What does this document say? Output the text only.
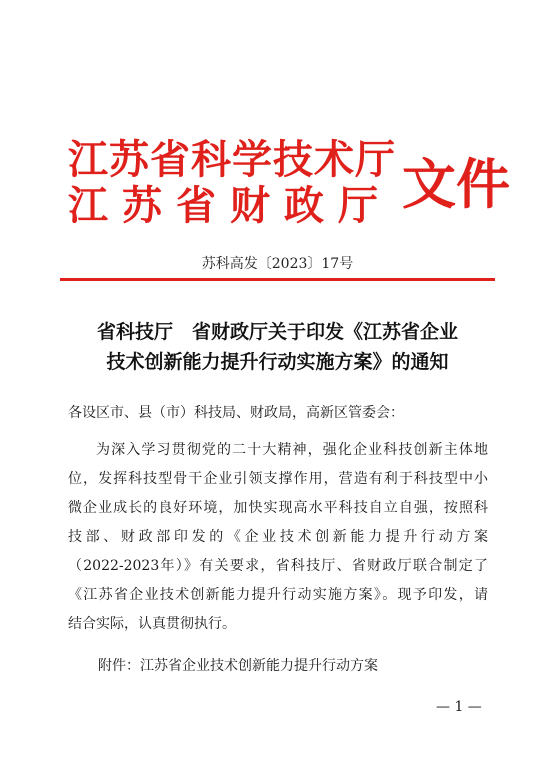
江苏省科学技术厅
江苏省财政厅 文件
苏科高发〔2023〕17号
省科技厅　省财政厅关于印发《江苏省企业
技术创新能力提升行动实施方案》的通知
各设区市、县（市）科技局、财政局，高新区管委会：
为深入学习贯彻党的二十大精神，强化企业科技创新主体地
位，发挥科技型骨干企业引领支撑作用，营造有利于科技型中小
微企业成长的良好环境，加快实现高水平科技自立自强，按照科
技部、财政部印发的《企业技术创新能力提升行动方案
（2022-2023年）》有关要求，省科技厅、省财政厅联合制定了
《江苏省企业技术创新能力提升行动实施方案》。现予印发，请
结合实际，认真贯彻执行。
附件：江苏省企业技术创新能力提升行动方案
— 1 —
